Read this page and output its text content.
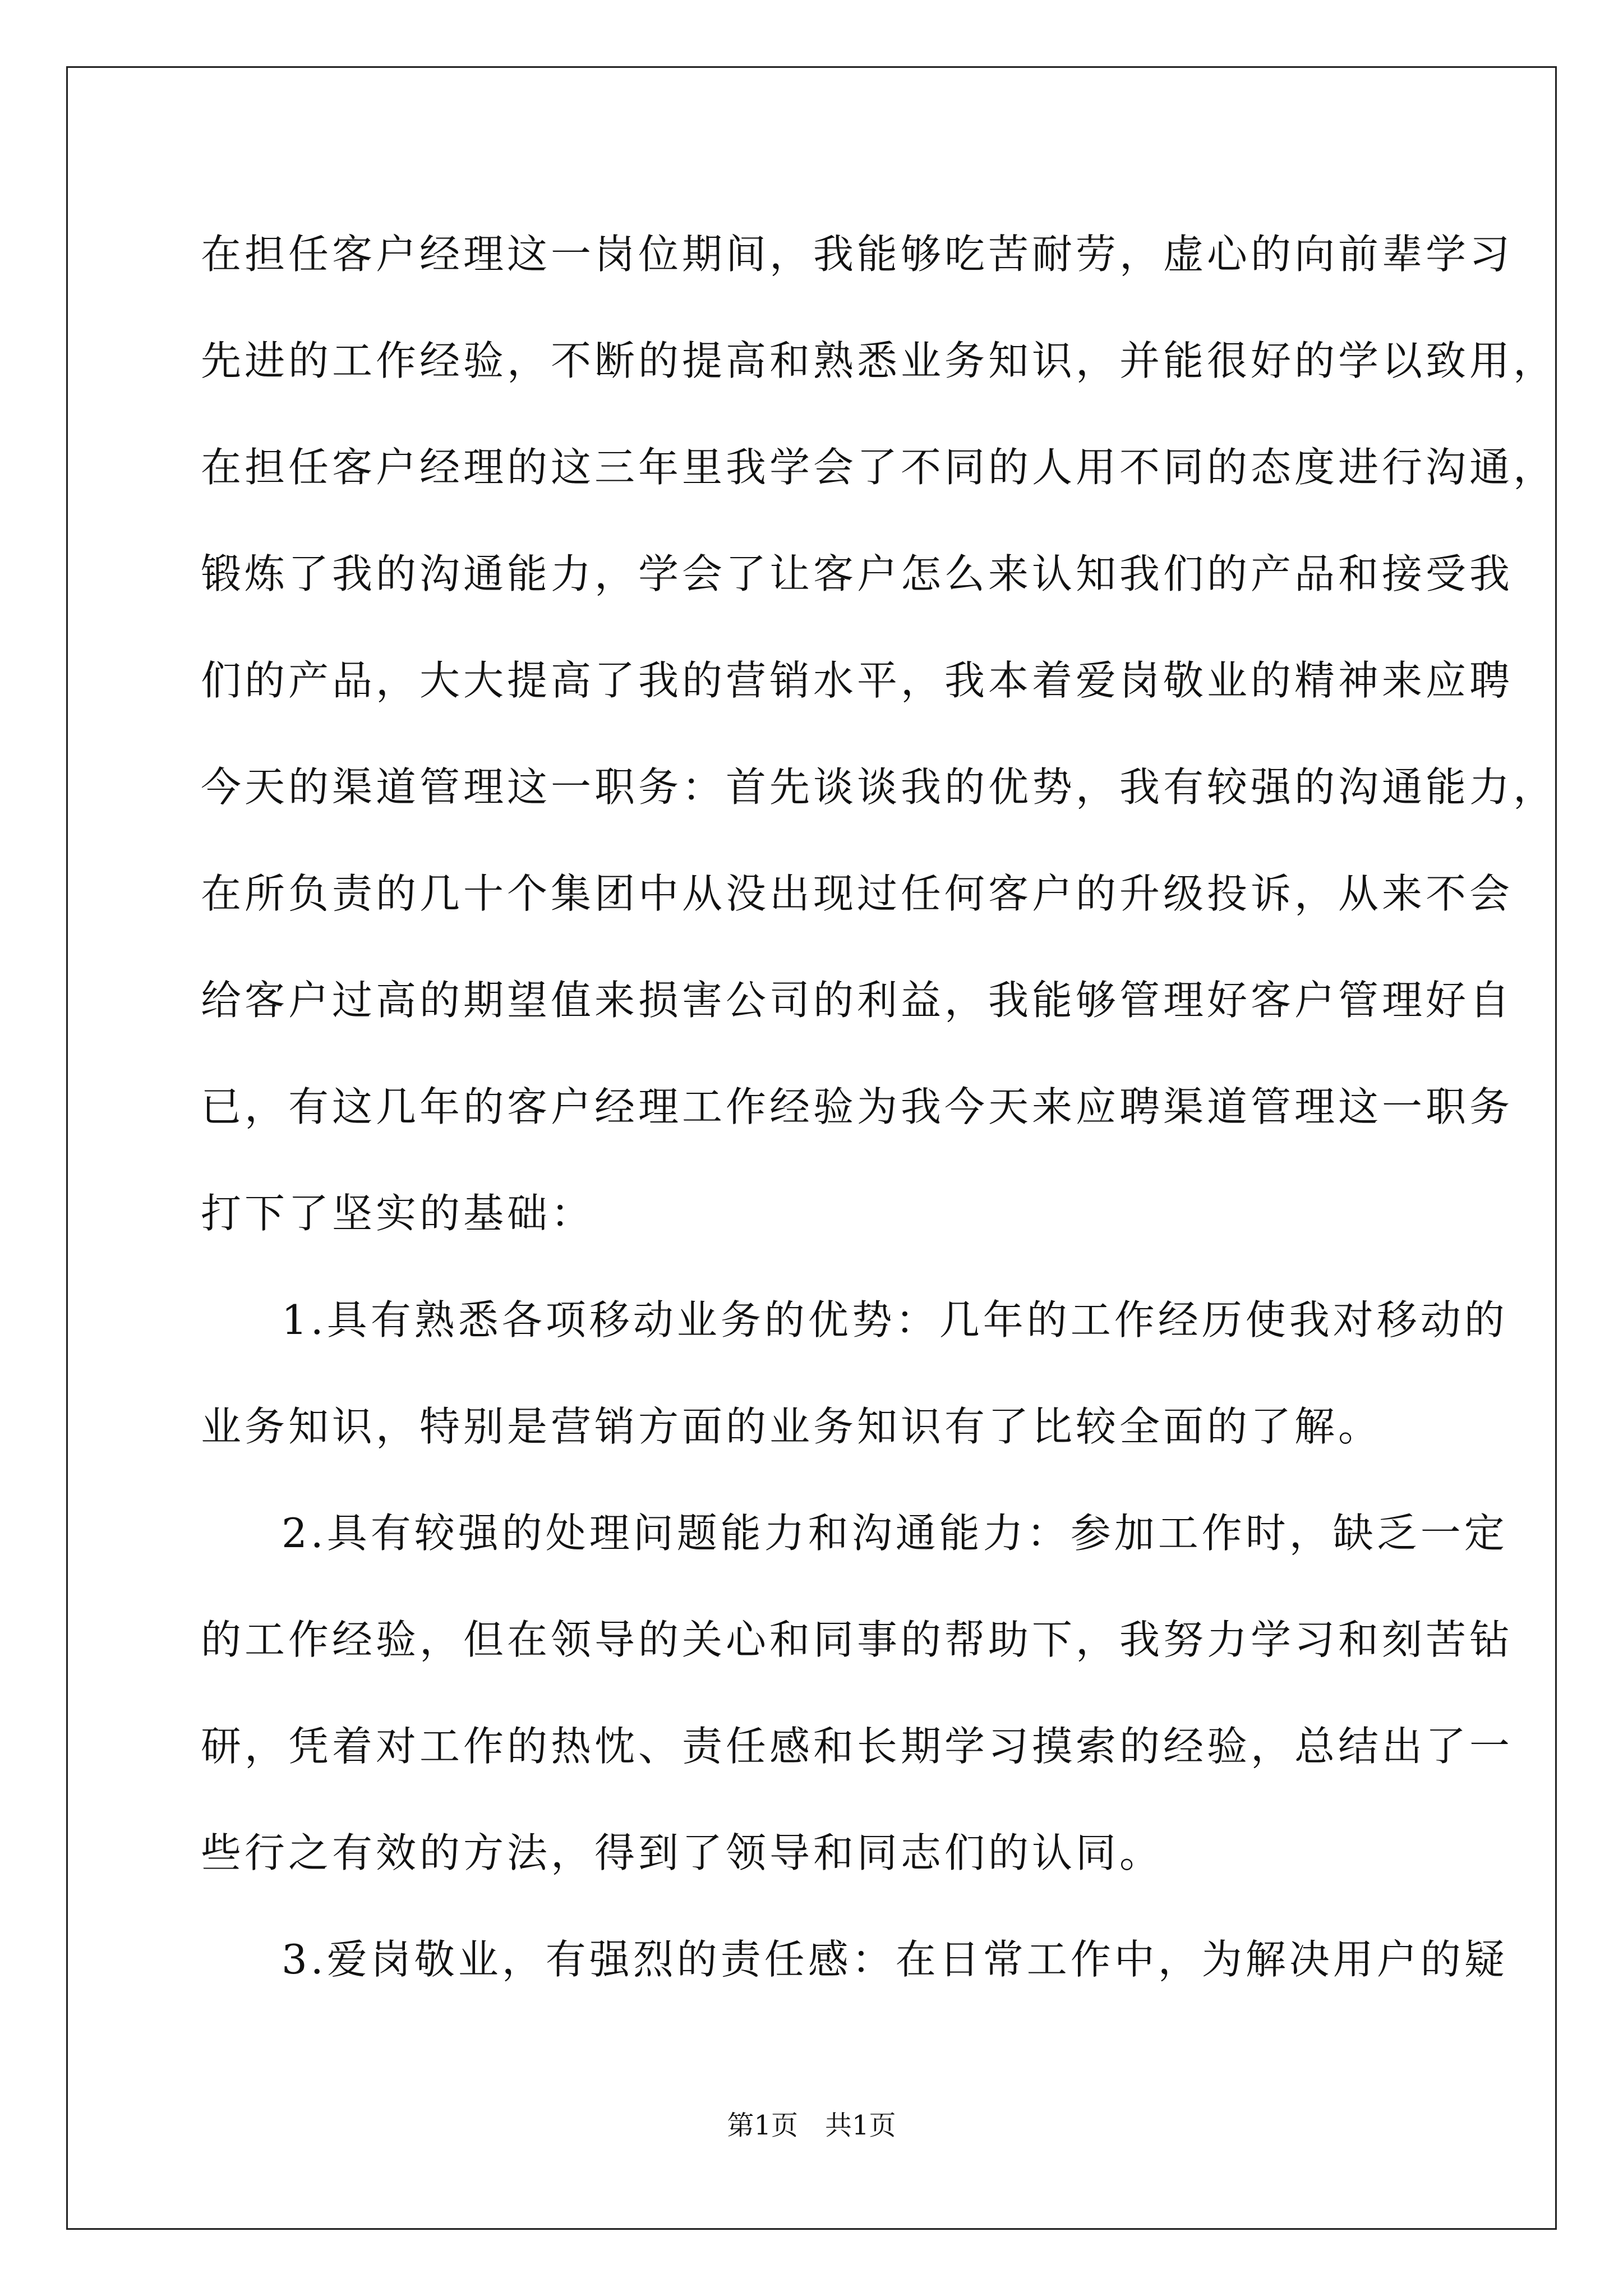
在担任客户经理这一岗位期间，我能够吃苦耐劳，虚心的向前辈学习
先进的工作经验，不断的提高和熟悉业务知识，并能很好的学以致用，
在担任客户经理的这三年里我学会了不同的人用不同的态度进行沟通，
锻炼了我的沟通能力，学会了让客户怎么来认知我们的产品和接受我
们的产品，大大提高了我的营销水平，我本着爱岗敬业的精神来应聘
今天的渠道管理这一职务：首先谈谈我的优势，我有较强的沟通能力，
在所负责的几十个集团中从没出现过任何客户的升级投诉，从来不会
给客户过高的期望值来损害公司的利益，我能够管理好客户管理好自
已，有这几年的客户经理工作经验为我今天来应聘渠道管理这一职务
打下了坚实的基础：
1.具有熟悉各项移动业务的优势：几年的工作经历使我对移动的
业务知识，特别是营销方面的业务知识有了比较全面的了解。
2.具有较强的处理问题能力和沟通能力：参加工作时，缺乏一定
的工作经验，但在领导的关心和同事的帮助下，我努力学习和刻苦钻
研，凭着对工作的热忱、责任感和长期学习摸索的经验，总结出了一
些行之有效的方法，得到了领导和同志们的认同。
3.爱岗敬业，有强烈的责任感：在日常工作中，为解决用户的疑
第1页 共1页
